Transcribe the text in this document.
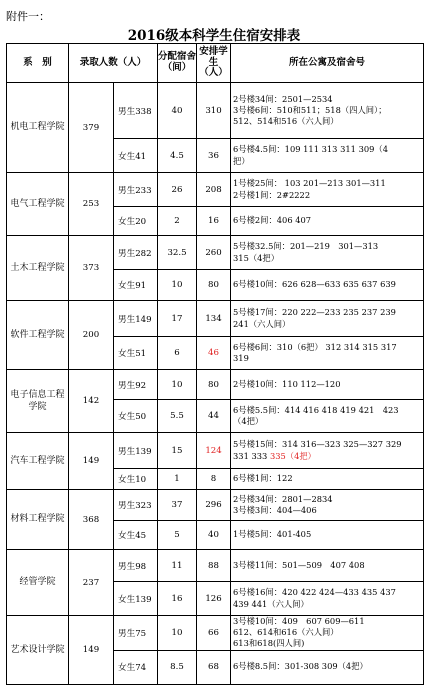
附件一：
2016级本科学生住宿安排表
系　别	录取人数（人）		分配宿舍（间）	安排学生（人）	所在公寓及宿舍号
机电工程学院	379	男生338	40	310	2号楼34间：2501—2534
3号楼6间：510和511；518（四人间）；
512、514和516（六人间）

		女生41	4.5	36	6号楼4.5间：109 111 313 311 309（4
把）

电气工程学院	253	男生233	26	208	1号楼25间： 103 201—213 301—311
2号楼1间：2#2222

		女生20	2	16	6号楼2间：406 407

土木工程学院	373	男生282	32.5	260	5号楼32.5间：201—219　301—313
315（4把）

		女生91	10	80	6号楼10间：626 628—633 635 637 639

软件工程学院	200	男生149	17	134	5号楼17间：220 222—233 235 237 239
241（六人间）

		女生51	6	46	6号楼6间：310（6把） 312 314 315 317
319

电子信息工程学院	142	男生92	10	80	2号楼10间：110 112—120

		女生50	5.5	44	6号楼5.5间：414 416 418 419 421　423
（4把）

汽车工程学院	149	男生139	15	124	5号楼15间：314 316—323 325—327 329
331 333 335（4把）

		女生10	1	8	6号楼1间：122

材料工程学院	368	男生323	37	296	2号楼34间：2801—2834
3号楼3间：404—406

		女生45	5	40	1号楼5间：401-405

经管学院	237	男生98	11	88	3号楼11间：501—509　407 408

		女生139	16	126	6号楼16间：420 422 424—433 435 437
439 441（六人间）

艺术设计学院	149	男生75	10	66	3号楼10间：409　607 609—611
612、614和616（六人间）
613和618(四人间)

		女生74	8.5	68	6号楼8.5间：301-308 309（4把）
